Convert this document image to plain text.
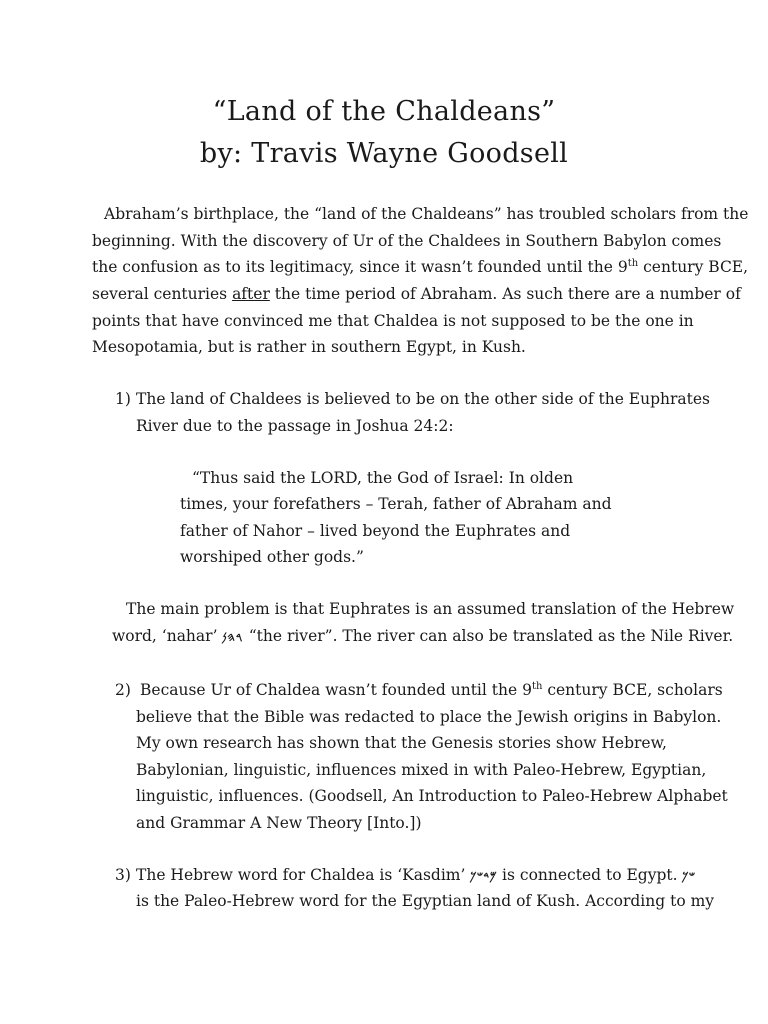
“Land of the Chaldeans”
by: Travis Wayne Goodsell
Abraham’s birthplace, the “land of the Chaldeans” has troubled scholars from the
beginning. With the discovery of Ur of the Chaldees in Southern Babylon comes
the confusion as to its legitimacy, since it wasn’t founded until the 9th century BCE,
several centuries after the time period of Abraham. As such there are a number of
points that have convinced me that Chaldea is not supposed to be the one in
Mesopotamia, but is rather in southern Egypt, in Kush.
1) The land of Chaldees is believed to be on the other side of the Euphrates
River due to the passage in Joshua 24:2:
“Thus said the LORD, the God of Israel: In olden
times, your forefathers – Terah, father of Abraham and
father of Nahor – lived beyond the Euphrates and
worshiped other gods.”
The main problem is that Euphrates is an assumed translation of the Hebrew
word, ‘nahar’ 𐤓𐤄𐤍 “the river”. The river can also be translated as the Nile River.
2) Because Ur of Chaldea wasn’t founded until the 9th century BCE, scholars
believe that the Bible was redacted to place the Jewish origins in Babylon.
My own research has shown that the Genesis stories show Hebrew,
Babylonian, linguistic, influences mixed in with Paleo-Hebrew, Egyptian,
linguistic, influences. (Goodsell, An Introduction to Paleo-Hebrew Alphabet
and Grammar A New Theory [Into.])
3) The Hebrew word for Chaldea is ‘Kasdim’ 𐤌𐤃𐤔𐤊 is connected to Egypt. 𐤔𐤊
is the Paleo-Hebrew word for the Egyptian land of Kush. According to my
